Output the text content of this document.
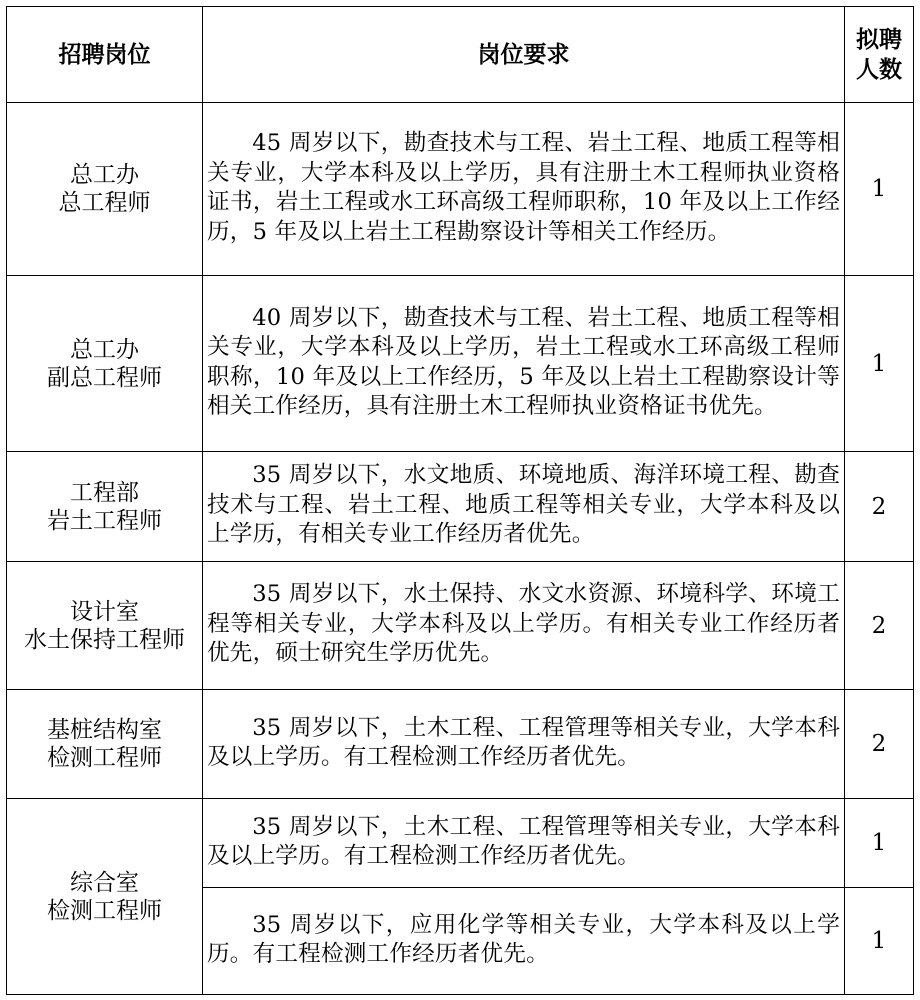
招聘岗位	岗位要求	拟聘
人数

总工办
总工程师	45 周岁以下，勘查技术与工程、岩土工程、地质工程等相关专业，大学本科及以上学历，具有注册土木工程师执业资格证书，岩土工程或水工环高级工程师职称，10 年及以上工作经历，5 年及以上岩土工程勘察设计等相关工作经历。	1

总工办
副总工程师	40 周岁以下，勘查技术与工程、岩土工程、地质工程等相关专业，大学本科及以上学历，岩土工程或水工环高级工程师职称，10 年及以上工作经历，5 年及以上岩土工程勘察设计等相关工作经历，具有注册土木工程师执业资格证书优先。	1

工程部
岩土工程师	35 周岁以下，水文地质、环境地质、海洋环境工程、勘查技术与工程、岩土工程、地质工程等相关专业，大学本科及以上学历，有相关专业工作经历者优先。	2

设计室
水土保持工程师	35 周岁以下，水土保持、水文水资源、环境科学、环境工程等相关专业，大学本科及以上学历。有相关专业工作经历者优先，硕士研究生学历优先。	2

基桩结构室
检测工程师	35 周岁以下，土木工程、工程管理等相关专业，大学本科及以上学历。有工程检测工作经历者优先。	2

综合室
检测工程师	35 周岁以下，土木工程、工程管理等相关专业，大学本科及以上学历。有工程检测工作经历者优先。	1
	35 周岁以下，应用化学等相关专业，大学本科及以上学历。有工程检测工作经历者优先。	1
